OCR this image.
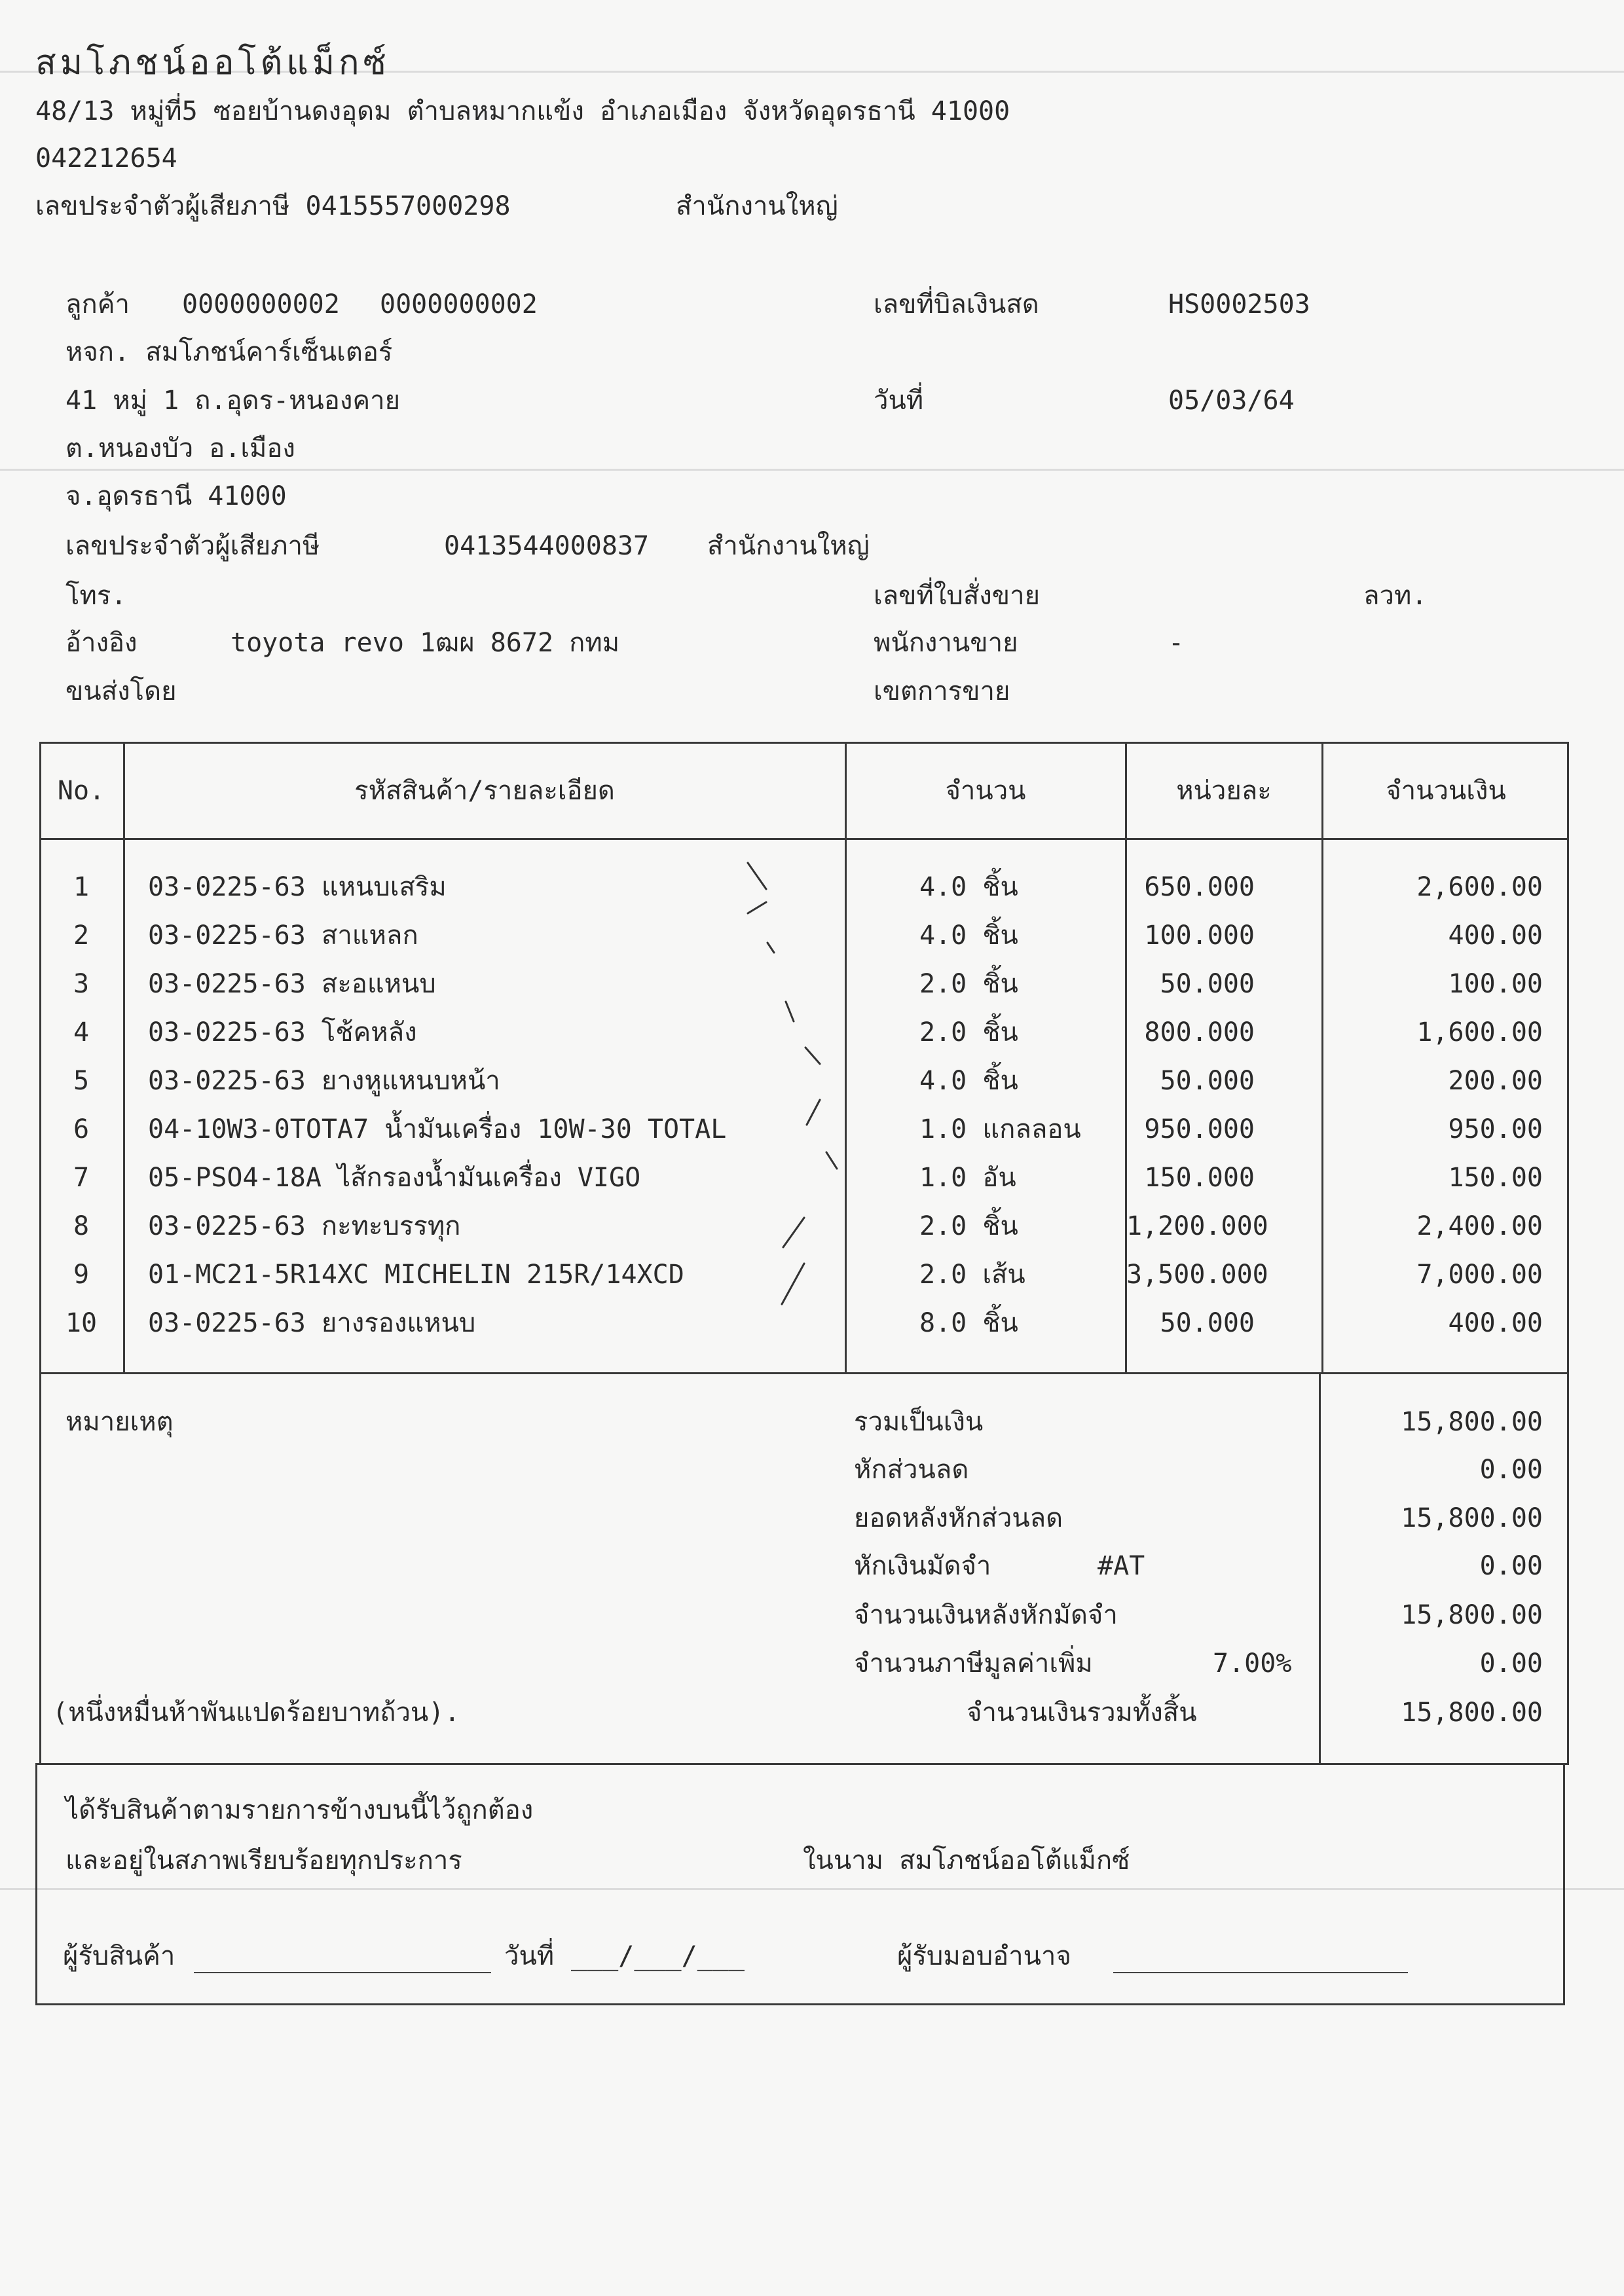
สมโภชน์ออโต้แม็กซ์
48/13 หมู่ที่5 ซอยบ้านดงอุดม ตำบลหมากแข้ง อำเภอเมือง จังหวัดอุดรธานี 41000
042212654
เลขประจำตัวผู้เสียภาษี 0415557000298	สำนักงานใหญ่
ลูกค้า 0000000002 0000000002
หจก. สมโภชน์คาร์เซ็นเตอร์
41 หมู่ 1 ถ.อุดร-หนองคาย
ต.หนองบัว อ.เมือง
จ.อุดรธานี 41000
เลขประจำตัวผู้เสียภาษี	0413544000837 สำนักงานใหญ่
โทร.
อ้างอิง	toyota revo 1ฒผ 8672 กทม
ขนส่งโดย
เลขที่บิลเงินสด	HS0002503
วันที่	05/03/64
เลขที่ใบสั่งขาย	ลวท.
พนักงานขาย	-
เขตการขาย
No.	รหัสสินค้า/รายละเอียด	จำนวน	หน่วยละ	จำนวนเงิน
1	03-0225-63 แหนบเสริม	4.0 ชิ้น	650.000	2,600.00
2	03-0225-63 สาแหลก	4.0 ชิ้น	100.000	400.00
3	03-0225-63 สะอแหนบ	2.0 ชิ้น	50.000	100.00
4	03-0225-63 โช้คหลัง	2.0 ชิ้น	800.000	1,600.00
5	03-0225-63 ยางหูแหนบหน้า	4.0 ชิ้น	50.000	200.00
6	04-10W3-0TOTA7 น้ำมันเครื่อง 10W-30 TOTAL	1.0 แกลลอน	950.000	950.00
7	05-PSO4-18A ไส้กรองน้ำมันเครื่อง VIGO	1.0 อัน	150.000	150.00
8	03-0225-63 กะทะบรรทุก	2.0 ชิ้น	1,200.000	2,400.00
9	01-MC21-5R14XC MICHELIN 215R/14XCD	2.0 เส้น	3,500.000	7,000.00
10	03-0225-63 ยางรองแหนบ	8.0 ชิ้น	50.000	400.00
หมายเหตุ	รวมเป็นเงิน	15,800.00
หักส่วนลด	0.00
ยอดหลังหักส่วนลด	15,800.00
หักเงินมัดจำ	#AT	0.00
จำนวนเงินหลังหักมัดจำ	15,800.00
จำนวนภาษีมูลค่าเพิ่ม	7.00%	0.00
(หนึ่งหมื่นห้าพันแปดร้อยบาทถ้วน).	จำนวนเงินรวมทั้งสิ้น	15,800.00
ได้รับสินค้าตามรายการข้างบนนี้ไว้ถูกต้อง
และอยู่ในสภาพเรียบร้อยทุกประการ	ในนาม สมโภชน์ออโต้แม็กซ์
ผู้รับสินค้า	วันที่ ___/___/___	ผู้รับมอบอำนาจ
